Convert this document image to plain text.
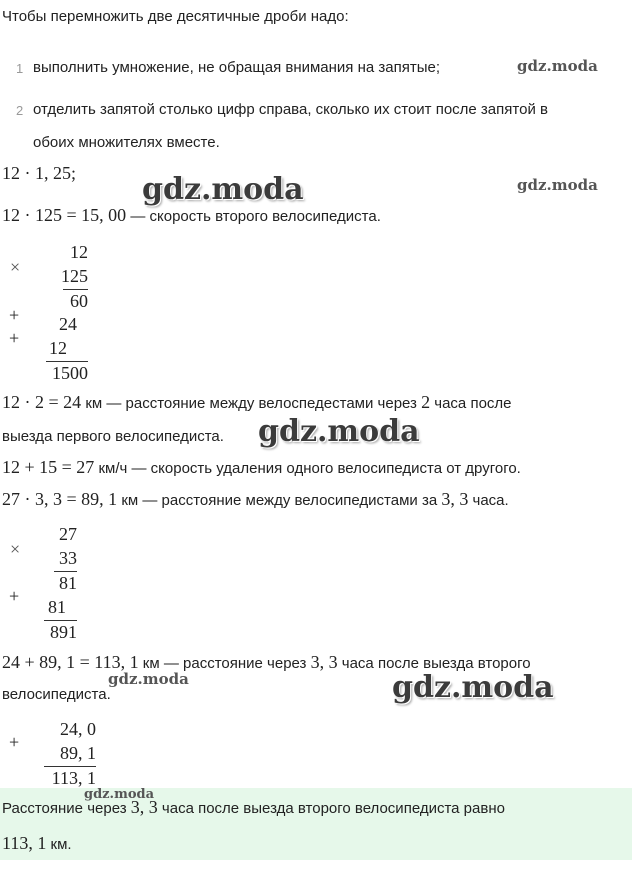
Чтобы перемножить две десятичные дроби надо:
1 выполнить умножение, не обращая внимания на запятые;	gdz.moda
2 отделить запятой столько цифр справа, сколько их стоит после запятой в
обоих множителях вместе.
12 · 1, 25; gdz.moda	gdz.moda
12 · 125 = 15, 00 — скорость второго велосипедиста.
×
12
125
60
+	24
+	12
1500
12 · 2 = 24 км — расстояние между велоспедестами через 2 часа после
выезда первого велосипедиста. gdz.moda
12 + 15 = 27 км/ч — скорость удаления одного велосипедиста от другого.
27 · 3, 3 = 89, 1 км — расстояние между велосипедистами за 3, 3 часа.
×
27
33
81
+
81
891
24 + 89, 1 = 113, 1 км — расстояние через 3, 3 часа после выезда второго
велосипедиста.
gdz.moda	gdz.moda
+
24, 0
89, 1
113, 1
gdz.moda
Расстояние через 3, 3 часа после выезда второго велосипедиста равно
113, 1 км.
